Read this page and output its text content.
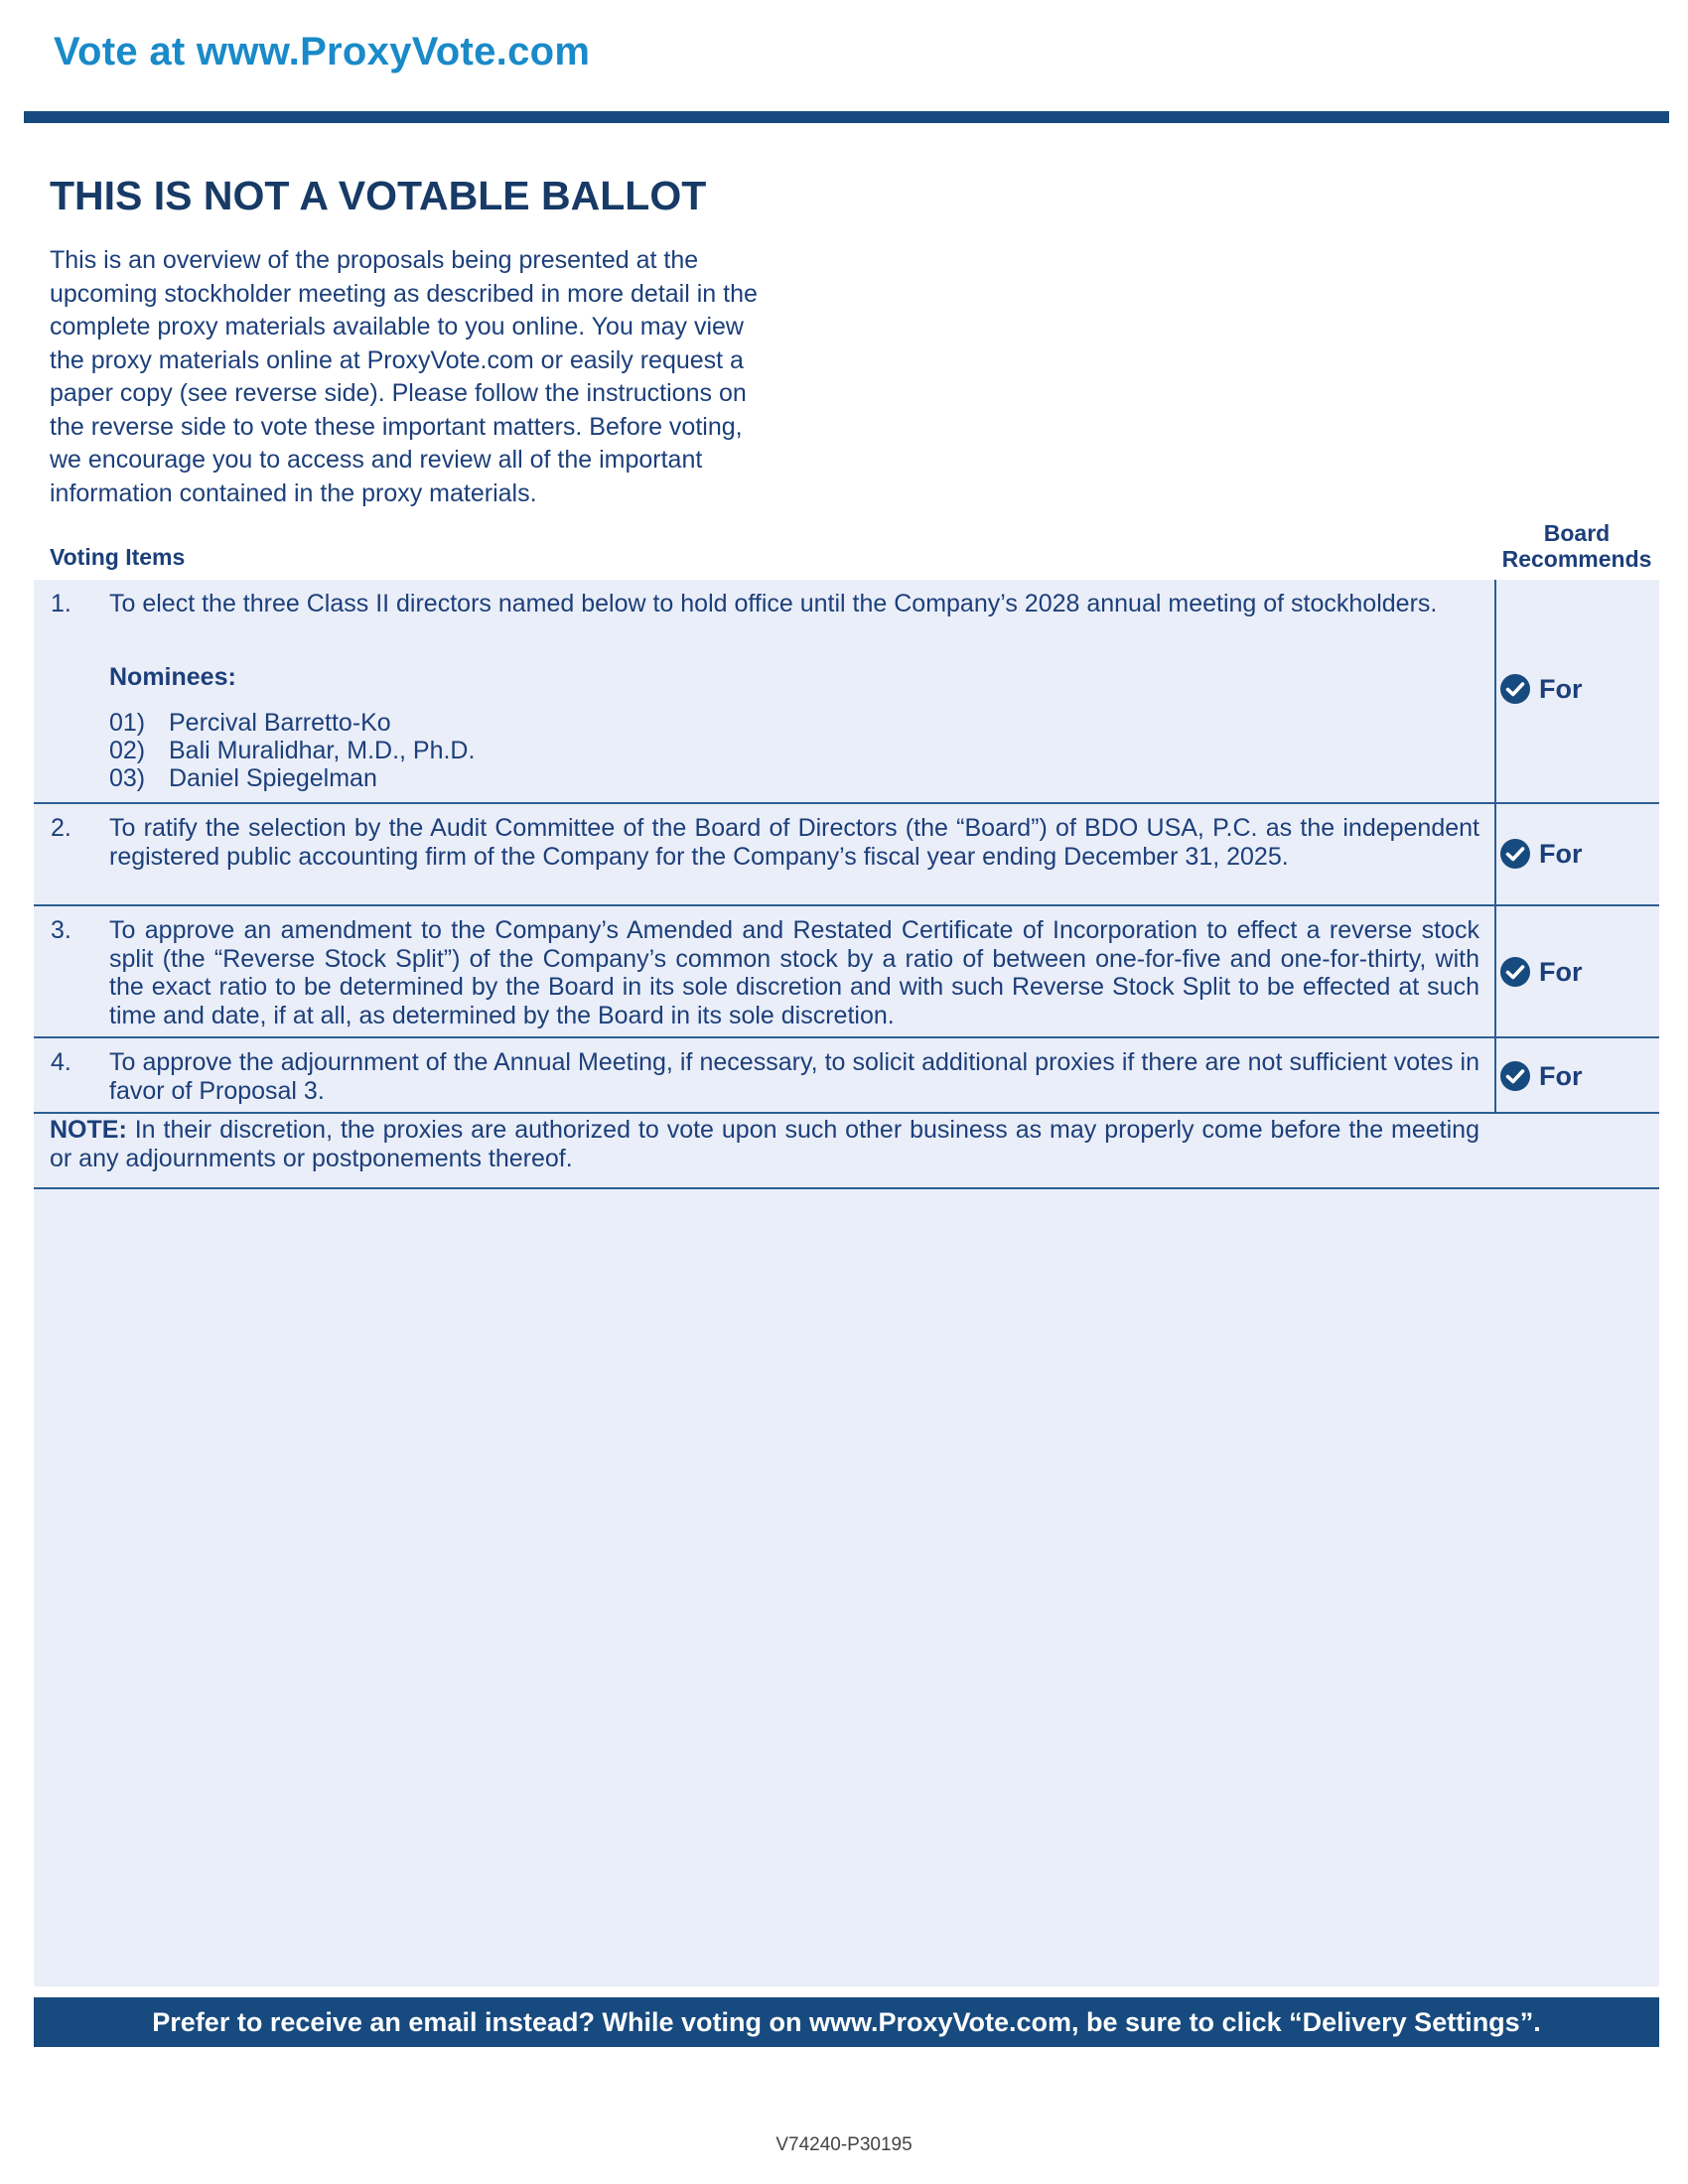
Vote at www.ProxyVote.com
THIS IS NOT A VOTABLE BALLOT
This is an overview of the proposals being presented at the
upcoming stockholder meeting as described in more detail in the
complete proxy materials available to you online. You may view
the proxy materials online at ProxyVote.com or easily request a
paper copy (see reverse side). Please follow the instructions on
the reverse side to vote these important matters. Before voting,
we encourage you to access and review all of the important
information contained in the proxy materials.
Voting Items
Board
Recommends
1. To elect the three Class II directors named below to hold office until the Company’s 2028 annual meeting of stockholders.
Nominees:
01) Percival Barretto-Ko
02) Bali Muralidhar, M.D., Ph.D.
03) Daniel Spiegelman
For
2. To ratify the selection by the Audit Committee of the Board of Directors (the “Board”) of BDO USA, P.C. as the independent registered public accounting firm of the Company for the Company’s fiscal year ending December 31, 2025.	For
3. To approve an amendment to the Company’s Amended and Restated Certificate of Incorporation to effect a reverse stock split (the “Reverse Stock Split”) of the Company’s common stock by a ratio of between one-for-five and one-for-thirty, with the exact ratio to be determined by the Board in its sole discretion and with such Reverse Stock Split to be effected at such time and date, if at all, as determined by the Board in its sole discretion.
For
4. To approve the adjournment of the Annual Meeting, if necessary, to solicit additional proxies if there are not sufficient votes in favor of Proposal 3.	For
NOTE: In their discretion, the proxies are authorized to vote upon such other business as may properly come before the meeting or any adjournments or postponements thereof.
Prefer to receive an email instead? While voting on www.ProxyVote.com, be sure to click “Delivery Settings”.
V74240-P30195
